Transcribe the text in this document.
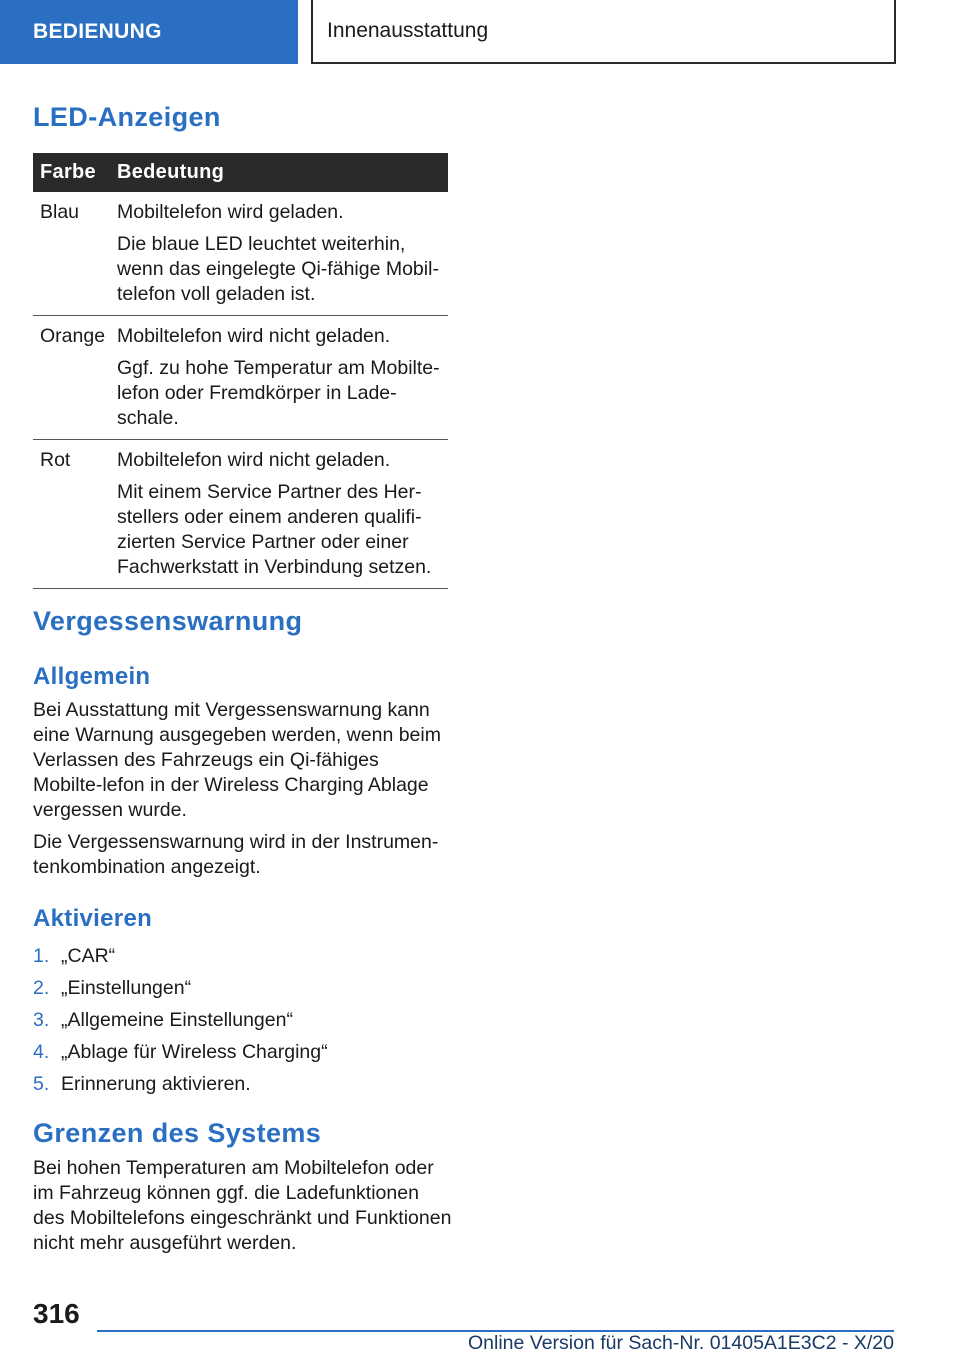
BEDIENUNG	Innenausstattung
LED-Anzeigen
Farbe	Bedeutung
Blau	Mobiltelefon wird geladen.

Die blaue LED leuchtet weiterhin, wenn das eingelegte Qi-fähige Mobil-telefon voll geladen ist.

Orange	Mobiltelefon wird nicht geladen.

Ggf. zu hohe Temperatur am Mobilte-lefon oder Fremdkörper in Lade-schale.

Rot	Mobiltelefon wird nicht geladen.

Mit einem Service Partner des Her-stellers oder einem anderen qualifi-zierten Service Partner oder einer Fachwerkstatt in Verbindung setzen.

Vergessenswarnung
Allgemein

Bei Ausstattung mit Vergessenswarnung kann eine Warnung ausgegeben werden, wenn beim Verlassen des Fahrzeugs ein Qi-fähiges Mobilte-lefon in der Wireless Charging Ablage vergessen wurde.

Die Vergessenswarnung wird in der Instrumen-tenkombination angezeigt.

Aktivieren
1. „CAR“
2. „Einstellungen“
3. „Allgemeine Einstellungen“
4. „Ablage für Wireless Charging“
5. Erinnerung aktivieren.
Grenzen des Systems

Bei hohen Temperaturen am Mobiltelefon oder im Fahrzeug können ggf. die Ladefunktionen des Mobiltelefons eingeschränkt und Funktionen nicht mehr ausgeführt werden.

316
Online Version für Sach-Nr. 01405A1E3C2 - X/20
